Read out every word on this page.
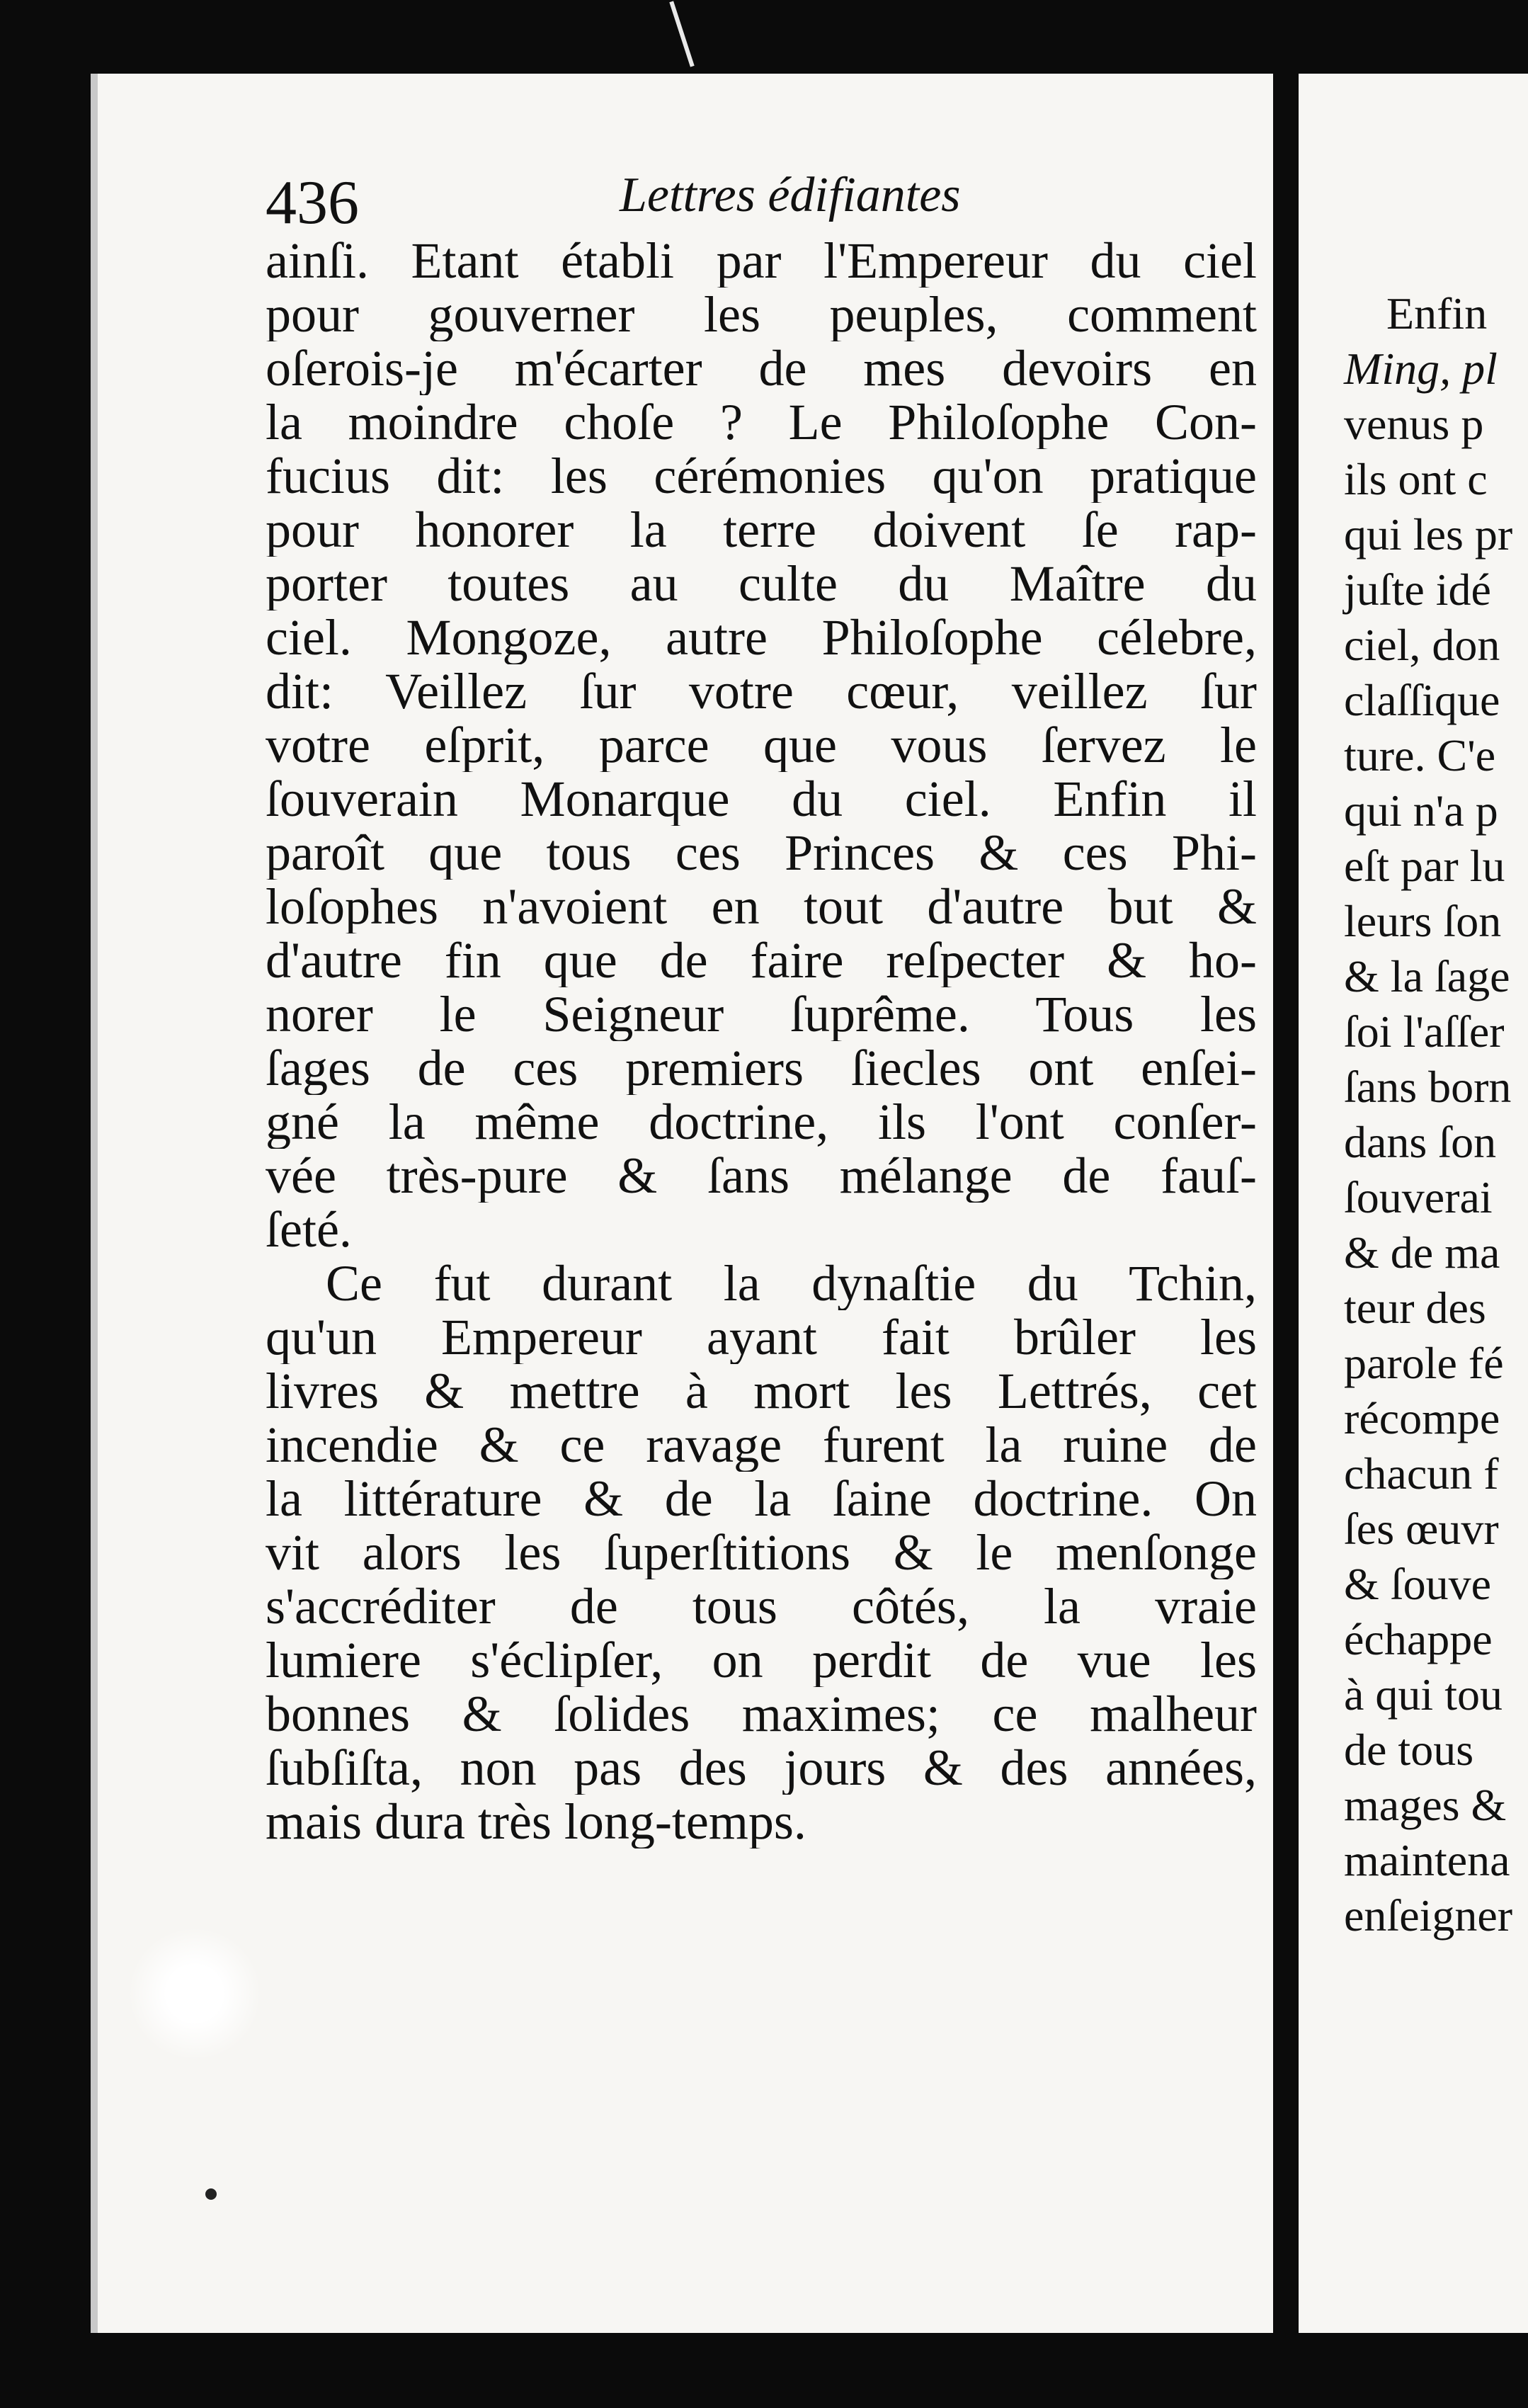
Enfin
Ming, pl
venus p
ils ont c
qui les pr
juſte idé
ciel, don
claſſique
ture. C'e
qui n'a p
eſt par lu
leurs ſon
& la ſage
ſoi l'aſſer
ſans born
dans ſon
ſouverai
& de ma
teur des
parole fé
récompe
chacun f
ſes œuvr
& ſouve
échappe
à qui tou
de tous
mages &
maintena
enſeigner
436	Lettres édifiantes
ainſi. Etant établi par l'Empereur du ciel
pour gouverner les peuples, comment
oſerois-je m'écarter de mes devoirs en
la moindre choſe ? Le Philoſophe Con-
fucius dit: les cérémonies qu'on pratique
pour honorer la terre doivent ſe rap-
porter toutes au culte du Maître du
ciel. Mongoze, autre Philoſophe célebre,
dit: Veillez ſur votre cœur, veillez ſur
votre eſprit, parce que vous ſervez le
ſouverain Monarque du ciel. Enfin il
paroît que tous ces Princes & ces Phi-
loſophes n'avoient en tout d'autre but &
d'autre fin que de faire reſpecter & ho-
norer le Seigneur ſuprême. Tous les
ſages de ces premiers ſiecles ont enſei-
gné la même doctrine, ils l'ont conſer-
vée très-pure & ſans mélange de fauſ-
ſeté.
Ce fut durant la dynaſtie du Tchin,
qu'un Empereur ayant fait brûler les
livres & mettre à mort les Lettrés, cet
incendie & ce ravage furent la ruine de
la littérature & de la ſaine doctrine. On
vit alors les ſuperſtitions & le menſonge
s'accréditer de tous côtés, la vraie
lumiere s'éclipſer, on perdit de vue les
bonnes & ſolides maximes; ce malheur
ſubſiſta, non pas des jours & des années,
mais dura très long-temps.
